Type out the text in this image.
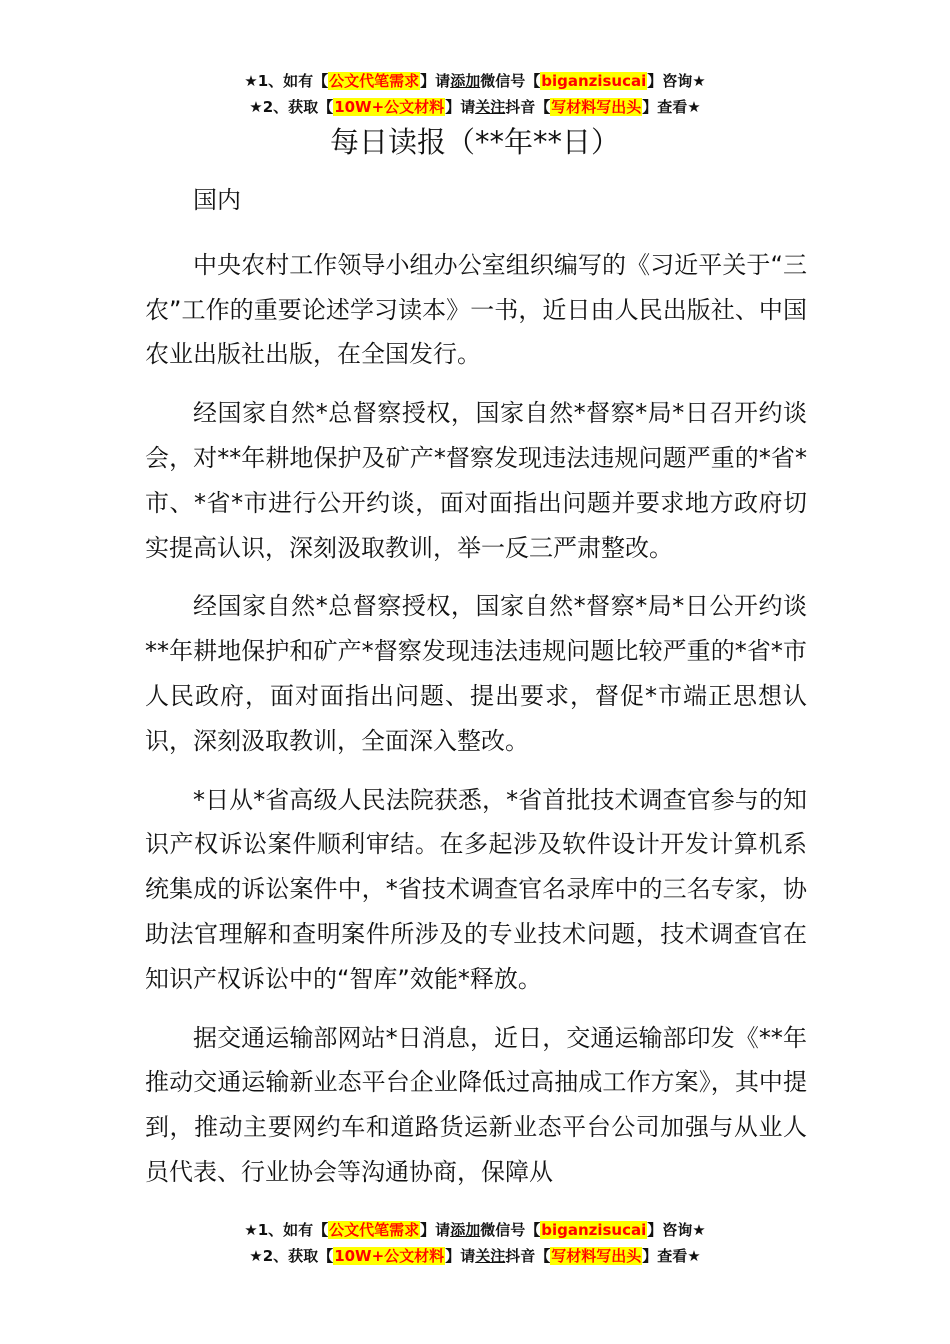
★1、如有【公文代笔需求】请添加微信号【biganzisucai】咨询★
★2、获取【10W+公文材料】请关注抖音【写材料写出头】查看★
每日读报（**年**日）

国内

中央农村工作领导小组办公室组织编写的《习近平关于“三农”工作的重要论述学习读本》一书，近日由人民出版社、中国农业出版社出版，在全国发行。

经国家自然*总督察授权，国家自然*督察*局*日召开约谈会，对**年耕地保护及矿产*督察发现违法违规问题严重的*省*市、*省*市进行公开约谈，面对面指出问题并要求地方政府切实提高认识，深刻汲取教训，举一反三严肃整改。

经国家自然*总督察授权，国家自然*督察*局*日公开约谈**年耕地保护和矿产*督察发现违法违规问题比较严重的*省*市人民政府，面对面指出问题、提出要求，督促*市端正思想认识，深刻汲取教训，全面深入整改。

*日从*省高级人民法院获悉，*省首批技术调查官参与的知识产权诉讼案件顺利审结。在多起涉及软件设计开发计算机系统集成的诉讼案件中，*省技术调查官名录库中的三名专家，协助法官理解和查明案件所涉及的专业技术问题，技术调查官在知识产权诉讼中的“智库”效能*释放。

据交通运输部网站*日消息，近日，交通运输部印发《**年推动交通运输新业态平台企业降低过高抽成工作方案》，其中提到，推动主要网约车和道路货运新业态平台公司加强与从业人员代表、行业协会等沟通协商，保障从

★1、如有【公文代笔需求】请添加微信号【biganzisucai】咨询★
★2、获取【10W+公文材料】请关注抖音【写材料写出头】查看★
